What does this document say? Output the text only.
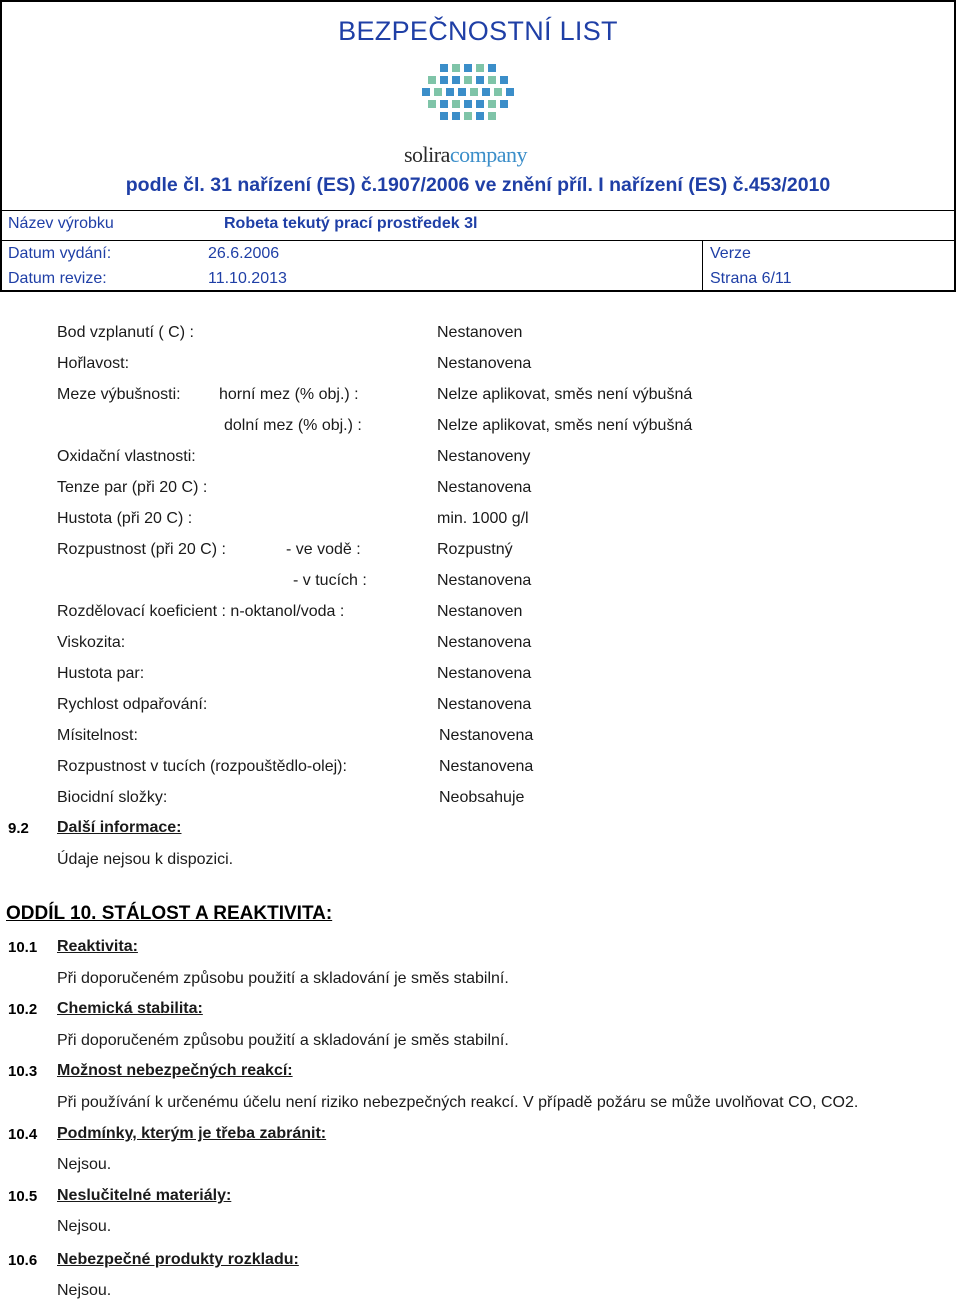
BEZPEČNOSTNÍ LIST
soliracompany
podle čl. 31 nařízení (ES) č.1907/2006 ve znění příl. I nařízení (ES) č.453/2010
Název výrobku	Robeta tekutý prací prostředek 3l
Datum vydání:	26.6.2006	Verze
Datum revize:	11.10.2013	Strana 6/11
Bod vzplanutí ( C) :	Nestanoven
Hořlavost:	Nestanovena
Meze výbušnosti: horní mez (% obj.) :	Nelze aplikovat, směs není výbušná
dolní mez (% obj.) :	Nelze aplikovat, směs není výbušná
Oxidační vlastnosti:	Nestanoveny
Tenze par (při 20 C) :	Nestanovena
Hustota (při 20 C) :	min. 1000 g/l
Rozpustnost (při 20 C) :	- ve vodě :	Rozpustný
- v tucích :	Nestanovena
Rozdělovací koeficient : n-oktanol/voda :	Nestanoven
Viskozita:	Nestanovena
Hustota par:	Nestanovena
Rychlost odpařování:	Nestanovena
Mísitelnost:	Nestanovena
Rozpustnost v tucích (rozpouštědlo-olej):	Nestanovena
Biocidní složky:	Neobsahuje
9.2 Další informace:
Údaje nejsou k dispozici.
ODDÍL 10. STÁLOST A REAKTIVITA:
10.1 Reaktivita:
Při doporučeném způsobu použití a skladování je směs stabilní.
10.2 Chemická stabilita:
Při doporučeném způsobu použití a skladování je směs stabilní.
10.3 Možnost nebezpečných reakcí:
Při používání k určenému účelu není riziko nebezpečných reakcí. V případě požáru se může uvolňovat CO, CO2.
10.4 Podmínky, kterým je třeba zabránit:
Nejsou.
10.5 Neslučitelné materiály:
Nejsou.
10.6 Nebezpečné produkty rozkladu:
Nejsou.
